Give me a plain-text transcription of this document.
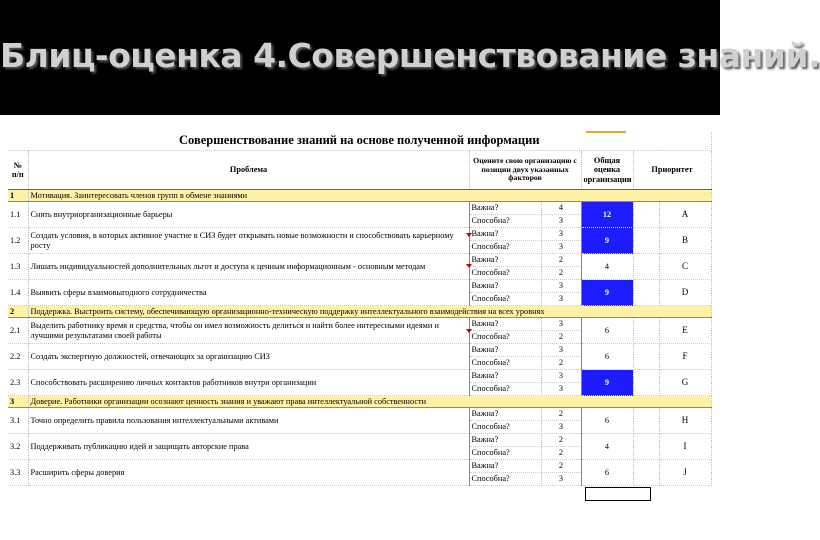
Блиц-оценка 4.Совершенствование знаний.
Совершенствование знаний на основе полученной информации						
№ п/п	Проблема	Оцените свою организацию с позиции двух указанных факторов		Общая оценка организации	Приоритет	
1	Мотивация. Заинтересовать членов групп в обмене знаниями					
1.1	Снять внутриорганизационные барьеры	Важна?	4	12		A
		Способна?	3			
1.2	Создать условия, в которых активное участие в СИЗ будет открывать новые возможности и способствовать карьерному росту	Важна?	3	9		B
		Способна?	3			
1.3	Лишать индивидуальностей дополнительных льгот и доступа к ценным информационным - основным методам	Важна?	2	4		C
		Способна?	2			
1.4	Выявить сферы взаимовыгодного сотрудничества	Важна?	3	9		D
		Способна?	3			
2	Поддержка. Выстроить систему, обеспечивающую организационно-техническую поддержку интеллектуального взаимодействия на всех уровнях					
2.1	Выделить работнику время и средства, чтобы он имел возможность делиться и найти более интересными идеями и лучшими результатами своей работы	Важна?	3	6		E
		Способна?	2			
2.2	Создать экспертную должностей, отвечающих за организацию СИЗ	Важна?	3	6		F
		Способна?	2			
2.3	Способствовать расширению личных контактов работников внутри организации	Важна?	3	9		G
		Способна?	3			
3	Доверие. Работники организации осознают ценность знания и уважают права интеллектуальной собственности					
3.1	Точно определить правила пользования интеллектуальными активами	Важна?	2	6		H
		Способна?	3			
3.2	Поддерживать публикацию идей и защищать авторские права	Важна?	2	4		I
		Способна?	2			
3.3	Расширить сферы доверия	Важна?	2	6		J
		Способна?	3			
